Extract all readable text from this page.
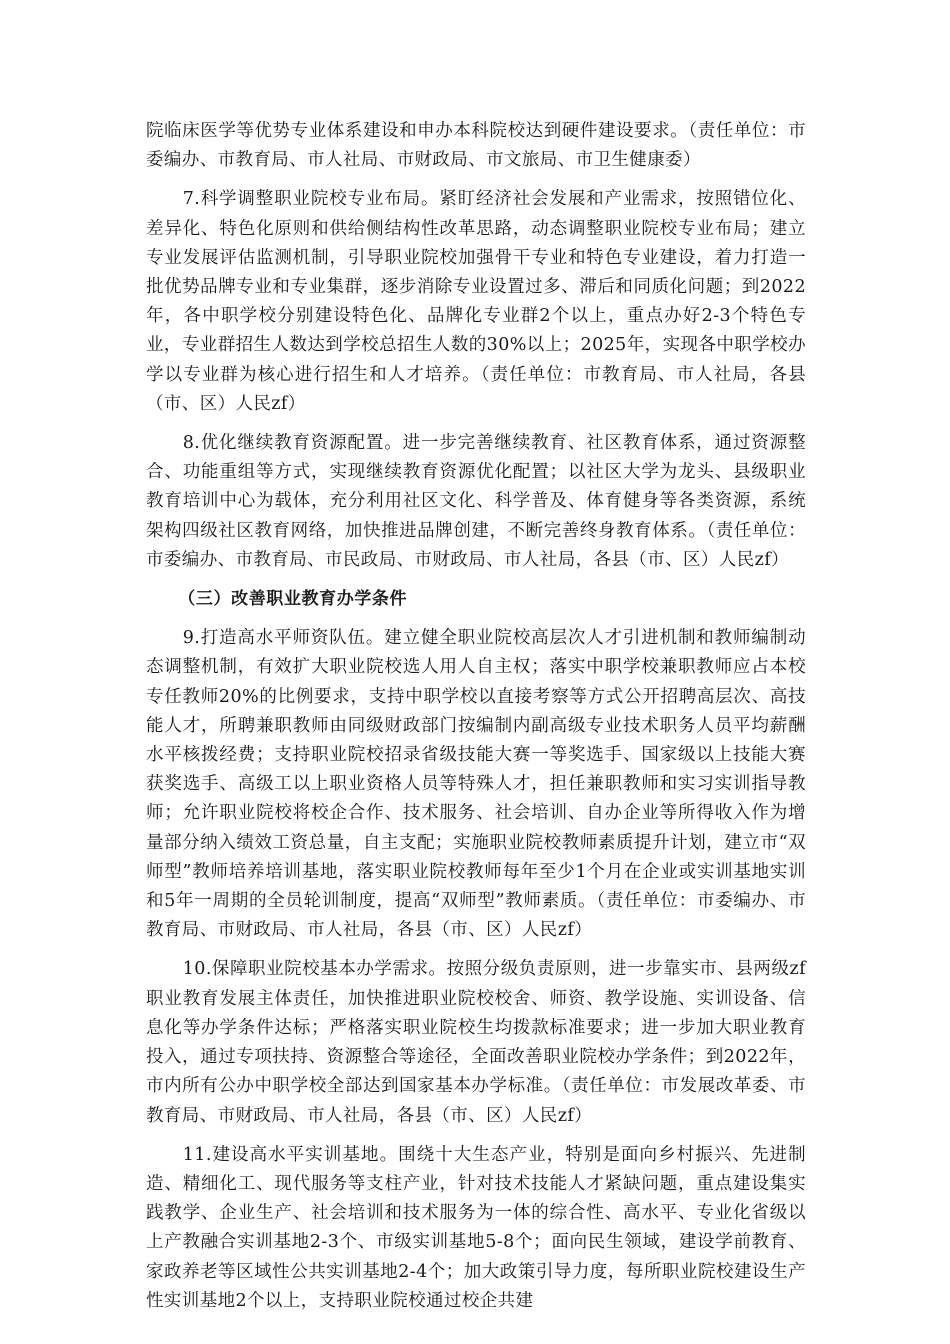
院临床医学等优势专业体系建设和申办本科院校达到硬件建设要求。（责任单位：市委编办、市教育局、市人社局、市财政局、市文旅局、市卫生健康委）

7.科学调整职业院校专业布局。紧盯经济社会发展和产业需求，按照错位化、差异化、特色化原则和供给侧结构性改革思路，动态调整职业院校专业布局；建立专业发展评估监测机制，引导职业院校加强骨干专业和特色专业建设，着力打造一批优势品牌专业和专业集群，逐步消除专业设置过多、滞后和同质化问题；到2022年，各中职学校分别建设特色化、品牌化专业群2个以上，重点办好2-3个特色专业，专业群招生人数达到学校总招生人数的30%以上；2025年，实现各中职学校办学以专业群为核心进行招生和人才培养。（责任单位：市教育局、市人社局，各县（市、区）人民zf）

8.优化继续教育资源配置。进一步完善继续教育、社区教育体系，通过资源整合、功能重组等方式，实现继续教育资源优化配置；以社区大学为龙头、县级职业教育培训中心为载体，充分利用社区文化、科学普及、体育健身等各类资源，系统架构四级社区教育网络，加快推进品牌创建，不断完善终身教育体系。（责任单位：市委编办、市教育局、市民政局、市财政局、市人社局，各县（市、区）人民zf）

（三）改善职业教育办学条件

9.打造高水平师资队伍。建立健全职业院校高层次人才引进机制和教师编制动态调整机制，有效扩大职业院校选人用人自主权；落实中职学校兼职教师应占本校专任教师20%的比例要求，支持中职学校以直接考察等方式公开招聘高层次、高技能人才，所聘兼职教师由同级财政部门按编制内副高级专业技术职务人员平均薪酬水平核拨经费；支持职业院校招录省级技能大赛一等奖选手、国家级以上技能大赛获奖选手、高级工以上职业资格人员等特殊人才，担任兼职教师和实习实训指导教师；允许职业院校将校企合作、技术服务、社会培训、自办企业等所得收入作为增量部分纳入绩效工资总量，自主支配；实施职业院校教师素质提升计划，建立市“双师型”教师培养培训基地，落实职业院校教师每年至少1个月在企业或实训基地实训和5年一周期的全员轮训制度，提高“双师型”教师素质。（责任单位：市委编办、市教育局、市财政局、市人社局，各县（市、区）人民zf）

10.保障职业院校基本办学需求。按照分级负责原则，进一步靠实市、县两级zf职业教育发展主体责任，加快推进职业院校校舍、师资、教学设施、实训设备、信息化等办学条件达标；严格落实职业院校生均拨款标准要求；进一步加大职业教育投入，通过专项扶持、资源整合等途径，全面改善职业院校办学条件；到2022年，市内所有公办中职学校全部达到国家基本办学标准。（责任单位：市发展改革委、市教育局、市财政局、市人社局，各县（市、区）人民zf）

11.建设高水平实训基地。围绕十大生态产业，特别是面向乡村振兴、先进制造、精细化工、现代服务等支柱产业，针对技术技能人才紧缺问题，重点建设集实践教学、企业生产、社会培训和技术服务为一体的综合性、高水平、专业化省级以上产教融合实训基地2-3个、市级实训基地5-8个；面向民生领域，建设学前教育、家政养老等区域性公共实训基地2-4个；加大政策引导力度，每所职业院校建设生产性实训基地2个以上，支持职业院校通过校企共建
